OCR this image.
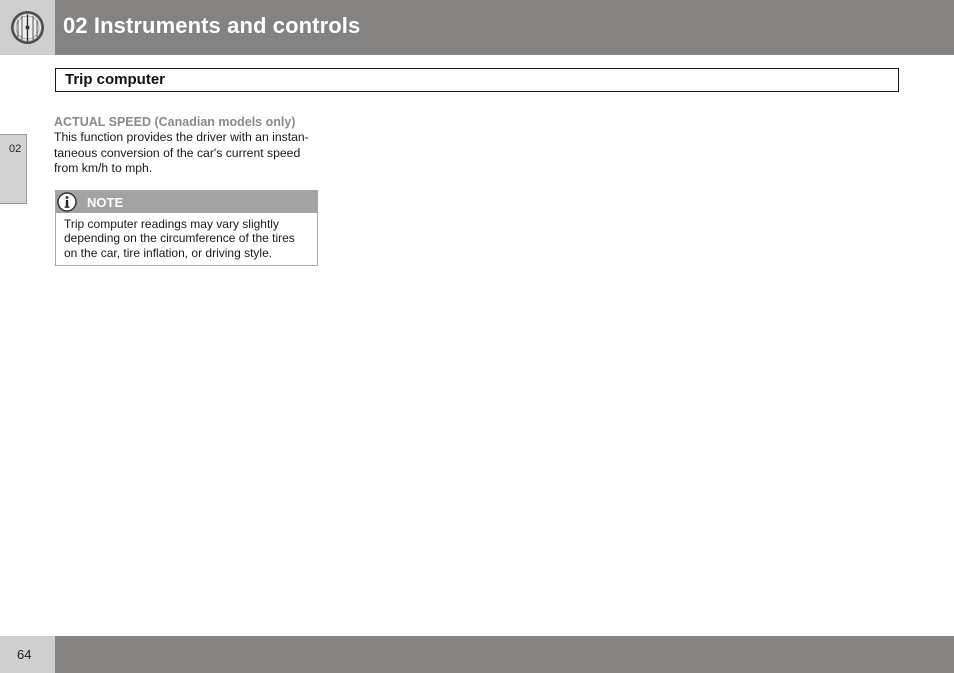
02 Instruments and controls
Trip computer
02
ACTUAL SPEED (Canadian models only)
This function provides the driver with an instan-
taneous conversion of the car's current speed
from km/h to mph.
NOTE
Trip computer readings may vary slightly
depending on the circumference of the tires
on the car, tire inflation, or driving style.
64
